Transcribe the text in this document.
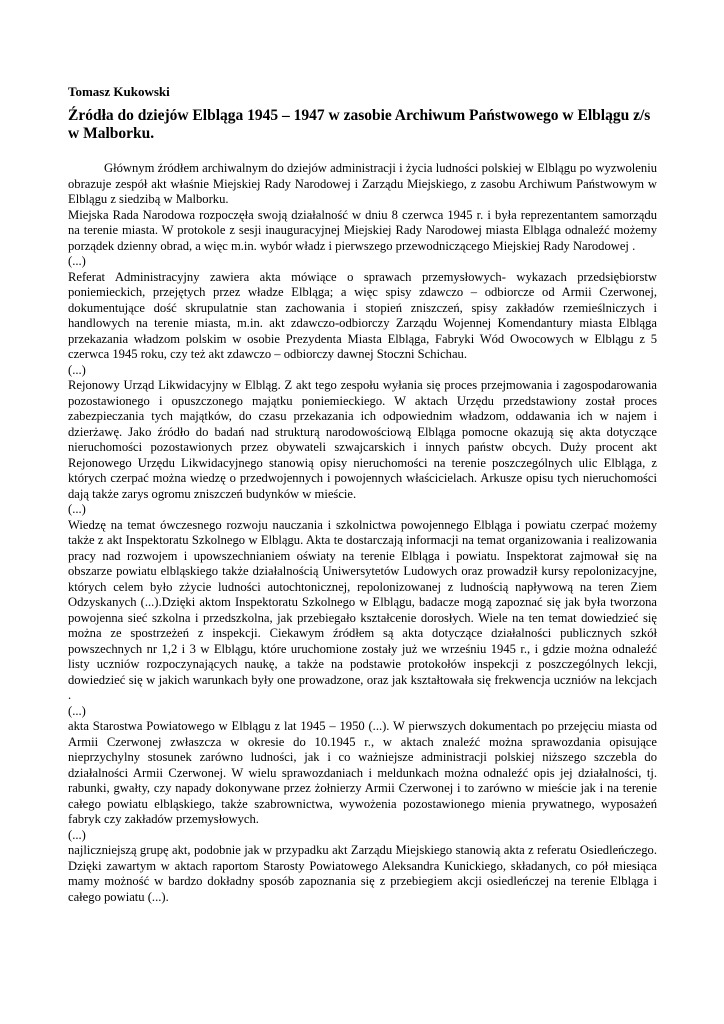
Tomasz Kukowski
Źródła do dziejów Elbląga 1945 – 1947 w zasobie Archiwum Państwowego w Elblągu z/s w Malborku.

Głównym źródłem archiwalnym do dziejów administracji i życia ludności polskiej w Elblągu po wyzwoleniu obrazuje zespół akt właśnie Miejskiej Rady Narodowej i Zarządu Miejskiego, z zasobu Archiwum Państwowym w Elblągu z siedzibą w Malborku.

Miejska Rada Narodowa rozpoczęła swoją działalność w dniu 8 czerwca 1945 r. i była reprezentantem samorządu na terenie miasta. W protokole z sesji inauguracyjnej Miejskiej Rady Narodowej miasta Elbląga odnaleźć możemy porządek dzienny obrad, a więc m.in. wybór władz i pierwszego przewodniczącego Miejskiej Rady Narodowej .

(...)

Referat Administracyjny zawiera akta mówiące o sprawach przemysłowych- wykazach przedsiębiorstw poniemieckich, przejętych przez władze Elbląga; a więc spisy zdawczo – odbiorcze od Armii Czerwonej, dokumentujące dość skrupulatnie stan zachowania i stopień zniszczeń, spisy zakładów rzemieślniczych i handlowych na terenie miasta, m.in. akt zdawczo-odbiorczy Zarządu Wojennej Komendantury miasta Elbląga przekazania władzom polskim w osobie Prezydenta Miasta Elbląga, Fabryki Wód Owocowych w Elblągu z 5 czerwca 1945 roku, czy też akt zdawczo – odbiorczy dawnej Stoczni Schichau.

(...)

Rejonowy Urząd Likwidacyjny w Elbląg. Z akt tego zespołu wyłania się proces przejmowania i zagospodarowania pozostawionego i opuszczonego majątku poniemieckiego. W aktach Urzędu przedstawiony został proces zabezpieczania tych majątków, do czasu przekazania ich odpowiednim władzom, oddawania ich w najem i dzierżawę. Jako źródło do badań nad strukturą narodowościową Elbląga pomocne okazują się akta dotyczące nieruchomości pozostawionych przez obywateli szwajcarskich i innych państw obcych. Duży procent akt Rejonowego Urzędu Likwidacyjnego stanowią opisy nieruchomości na terenie poszczególnych ulic Elbląga, z których czerpać można wiedzę o przedwojennych i powojennych właścicielach. Arkusze opisu tych nieruchomości dają także zarys ogromu zniszczeń budynków w mieście.

(...)

Wiedzę na temat ówczesnego rozwoju nauczania i szkolnictwa powojennego Elbląga i powiatu czerpać możemy także z akt Inspektoratu Szkolnego w Elblągu. Akta te dostarczają informacji na temat organizowania i realizowania pracy nad rozwojem i upowszechnianiem oświaty na terenie Elbląga i powiatu. Inspektorat zajmował się na obszarze powiatu elbląskiego także działalnością Uniwersytetów Ludowych oraz prowadził kursy repolonizacyjne, których celem było zżycie ludności autochtonicznej, repolonizowanej z ludnością napływową na teren Ziem Odzyskanych (...).Dzięki aktom Inspektoratu Szkolnego w Elblągu, badacze mogą zapoznać się jak była tworzona powojenna sieć szkolna i przedszkolna, jak przebiegało kształcenie dorosłych. Wiele na ten temat dowiedzieć się można ze spostrzeżeń z inspekcji. Ciekawym źródłem są akta dotyczące działalności publicznych szkół powszechnych nr 1,2 i 3 w Elblągu, które uruchomione zostały już we wrześniu 1945 r., i gdzie można odnaleźć listy uczniów rozpoczynających naukę, a także na podstawie protokołów inspekcji z poszczególnych lekcji, dowiedzieć się w jakich warunkach były one prowadzone, oraz jak kształtowała się frekwencja uczniów na lekcjach .

(...)

akta Starostwa Powiatowego w Elblągu z lat 1945 – 1950 (...). W pierwszych dokumentach po przejęciu miasta od Armii Czerwonej zwłaszcza w okresie do 10.1945 r., w aktach znaleźć można sprawozdania opisujące nieprzychylny stosunek zarówno ludności, jak i co ważniejsze administracji polskiej niższego szczebla do działalności Armii Czerwonej. W wielu sprawozdaniach i meldunkach można odnaleźć opis jej działalności, tj. rabunki, gwałty, czy napady dokonywane przez żołnierzy Armii Czerwonej i to zarówno w mieście jak i na terenie całego powiatu elbląskiego, także szabrownictwa, wywożenia pozostawionego mienia prywatnego, wyposażeń fabryk czy zakładów przemysłowych.

(...)

najliczniejszą grupę akt, podobnie jak w przypadku akt Zarządu Miejskiego stanowią akta z referatu Osiedleńczego. Dzięki zawartym w aktach raportom Starosty Powiatowego Aleksandra Kunickiego, składanych, co pół miesiąca mamy możność w bardzo dokładny sposób zapoznania się z przebiegiem akcji osiedleńczej na terenie Elbląga i całego powiatu (...).
